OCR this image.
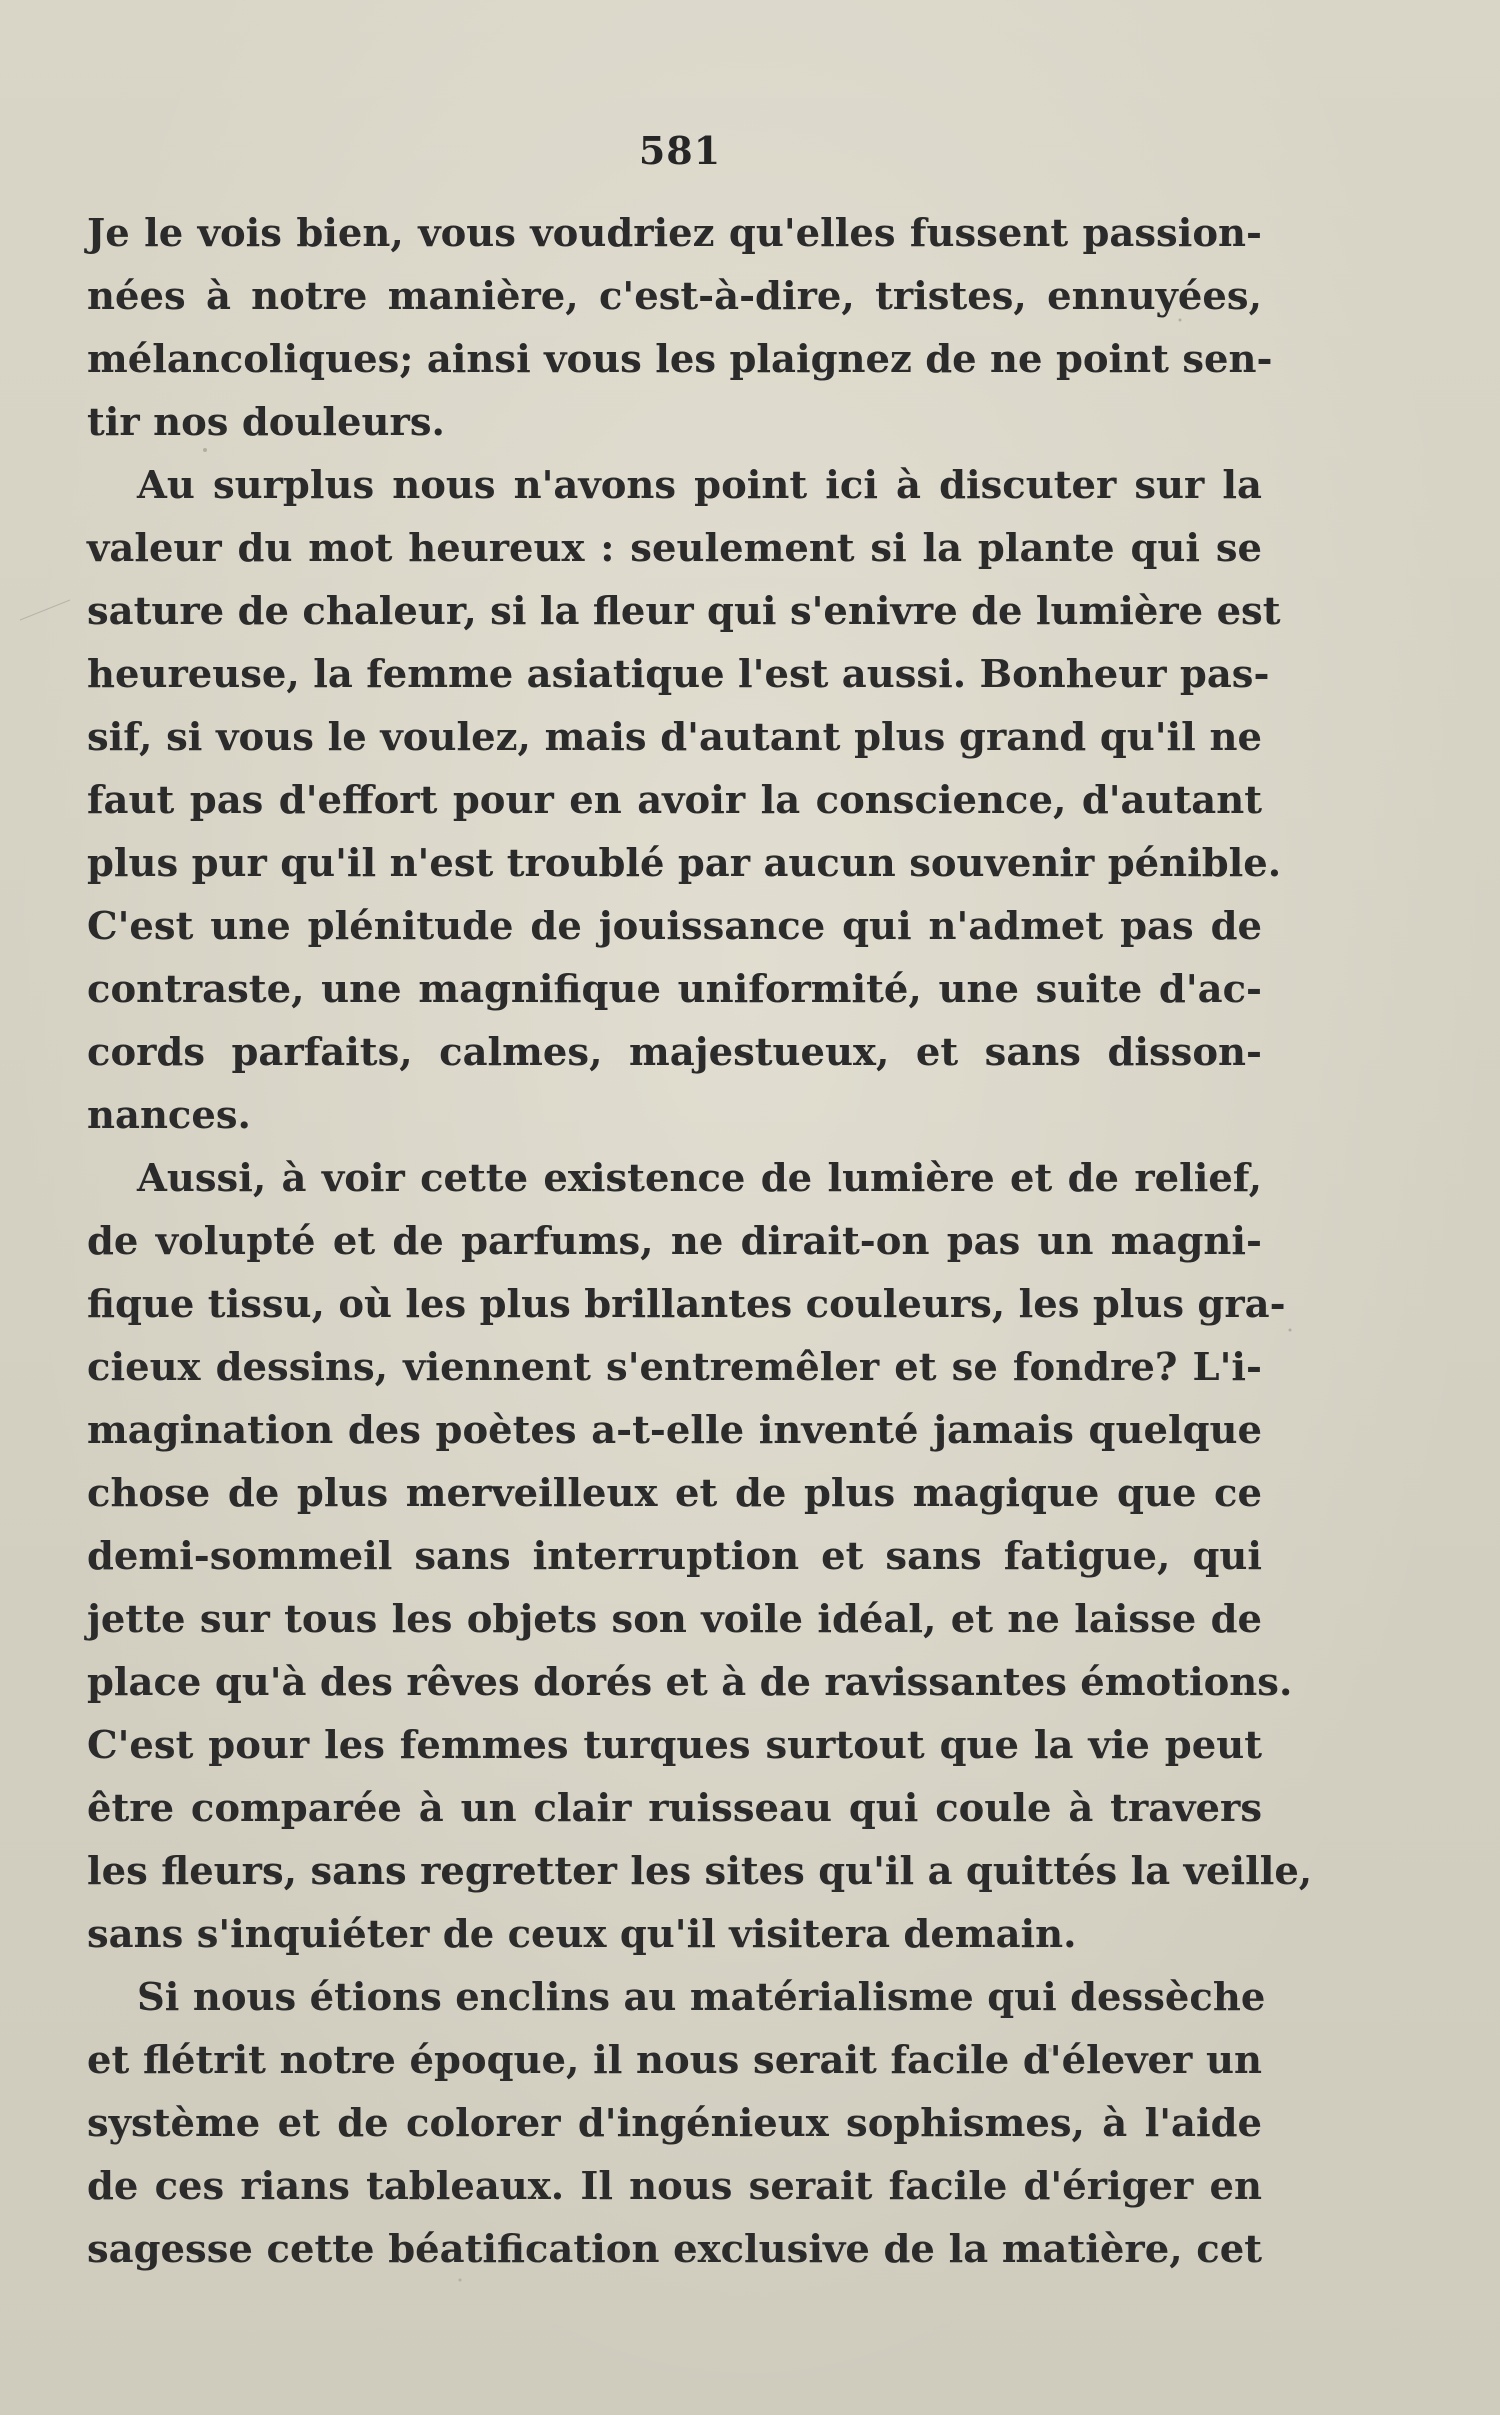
581
Je le vois bien, vous voudriez qu'elles fussent passion-
nées à notre manière, c'est-à-dire, tristes, ennuyées,
mélancoliques; ainsi vous les plaignez de ne point sen-
tir nos douleurs.
Au surplus nous n'avons point ici à discuter sur la
valeur du mot heureux : seulement si la plante qui se
sature de chaleur, si la fleur qui s'enivre de lumière est
heureuse, la femme asiatique l'est aussi. Bonheur pas-
sif, si vous le voulez, mais d'autant plus grand qu'il ne
faut pas d'effort pour en avoir la conscience, d'autant
plus pur qu'il n'est troublé par aucun souvenir pénible.
C'est une plénitude de jouissance qui n'admet pas de
contraste, une magnifique uniformité, une suite d'ac-
cords parfaits, calmes, majestueux, et sans disson-
nances.
Aussi, à voir cette existence de lumière et de relief,
de volupté et de parfums, ne dirait-on pas un magni-
fique tissu, où les plus brillantes couleurs, les plus gra-
cieux dessins, viennent s'entremêler et se fondre? L'i-
magination des poètes a-t-elle inventé jamais quelque
chose de plus merveilleux et de plus magique que ce
demi-sommeil sans interruption et sans fatigue, qui
jette sur tous les objets son voile idéal, et ne laisse de
place qu'à des rêves dorés et à de ravissantes émotions.
C'est pour les femmes turques surtout que la vie peut
être comparée à un clair ruisseau qui coule à travers
les fleurs, sans regretter les sites qu'il a quittés la veille,
sans s'inquiéter de ceux qu'il visitera demain.
Si nous étions enclins au matérialisme qui dessèche
et flétrit notre époque, il nous serait facile d'élever un
système et de colorer d'ingénieux sophismes, à l'aide
de ces rians tableaux. Il nous serait facile d'ériger en
sagesse cette béatification exclusive de la matière, cet
